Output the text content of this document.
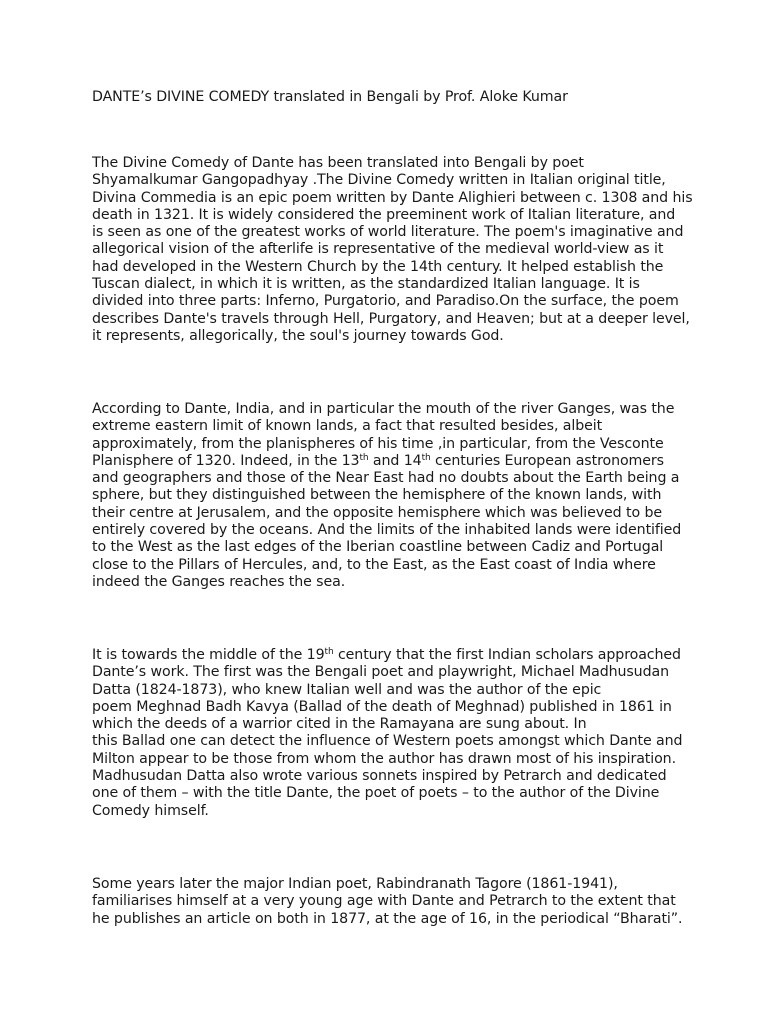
DANTE’s DIVINE COMEDY translated in Bengali by Prof. Aloke Kumar
The Divine Comedy of Dante has been translated into Bengali by poet
Shyamalkumar Gangopadhyay .The Divine Comedy written in Italian original title,
Divina Commedia is an epic poem written by Dante Alighieri between c. 1308 and his
death in 1321. It is widely considered the preeminent work of Italian literature, and
is seen as one of the greatest works of world literature. The poem's imaginative and
allegorical vision of the afterlife is representative of the medieval world-view as it
had developed in the Western Church by the 14th century. It helped establish the
Tuscan dialect, in which it is written, as the standardized Italian language. It is
divided into three parts: Inferno, Purgatorio, and Paradiso.On the surface, the poem
describes Dante's travels through Hell, Purgatory, and Heaven; but at a deeper level,
it represents, allegorically, the soul's journey towards God.
According to Dante, India, and in particular the mouth of the river Ganges, was the
extreme eastern limit of known lands, a fact that resulted besides, albeit
approximately, from the planispheres of his time ,in particular, from the Vesconte
Planisphere of 1320. Indeed, in the 13th and 14th centuries European astronomers
and geographers and those of the Near East had no doubts about the Earth being a
sphere, but they distinguished between the hemisphere of the known lands, with
their centre at Jerusalem, and the opposite hemisphere which was believed to be
entirely covered by the oceans. And the limits of the inhabited lands were identified
to the West as the last edges of the Iberian coastline between Cadiz and Portugal
close to the Pillars of Hercules, and, to the East, as the East coast of India where
indeed the Ganges reaches the sea.
It is towards the middle of the 19th century that the first Indian scholars approached
Dante’s work. The first was the Bengali poet and playwright, Michael Madhusudan
Datta (1824-1873), who knew Italian well and was the author of the epic
poem Meghnad Badh Kavya (Ballad of the death of Meghnad) published in 1861 in
which the deeds of a warrior cited in the Ramayana are sung about. In
this Ballad one can detect the influence of Western poets amongst which Dante and
Milton appear to be those from whom the author has drawn most of his inspiration.
Madhusudan Datta also wrote various sonnets inspired by Petrarch and dedicated
one of them – with the title Dante, the poet of poets – to the author of the Divine
Comedy himself.
Some years later the major Indian poet, Rabindranath Tagore (1861-1941),
familiarises himself at a very young age with Dante and Petrarch to the extent that
he publishes an article on both in 1877, at the age of 16, in the periodical “Bharati”.
